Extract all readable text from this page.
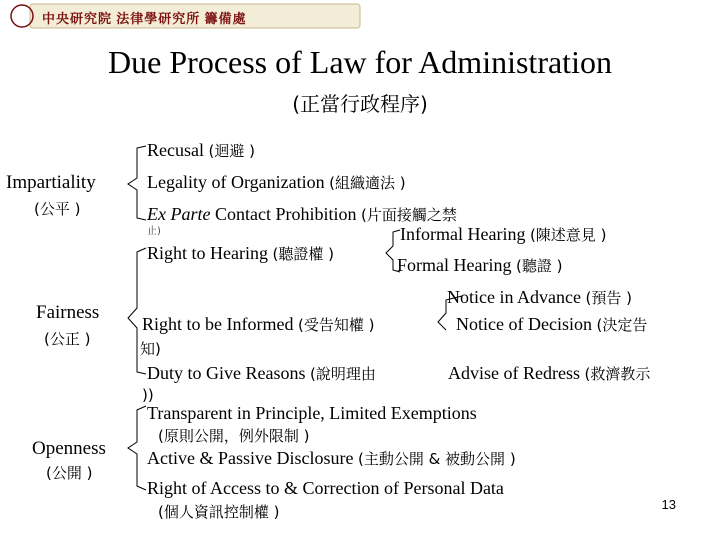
中央研究院 法律學研究所 籌備處
Due Process of Law for Administration
(正當行政程序)
Impartiality
(公平 )
Recusal (迴避 )
Legality of Organization (組織適法 )
Ex Parte Contact Prohibition (片面接觸之禁
止)
Fairness
(公正 )
Right to Hearing (聽證權 )
Informal Hearing (陳述意見 )
Formal Hearing (聽證 )
Notice in Advance (預告 )
Right to be Informed (受告知權 )	Notice of Decision (決定告
知)
Duty to Give Reasons (說明理由	Advise of Redress (救濟教示
))
Openness
(公開 )
Transparent in Principle, Limited Exemptions
(原則公開，例外限制 )
Active & Passive Disclosure (主動公開 & 被動公開 )
Right of Access to & Correction of Personal Data
(個人資訊控制權 )	13
